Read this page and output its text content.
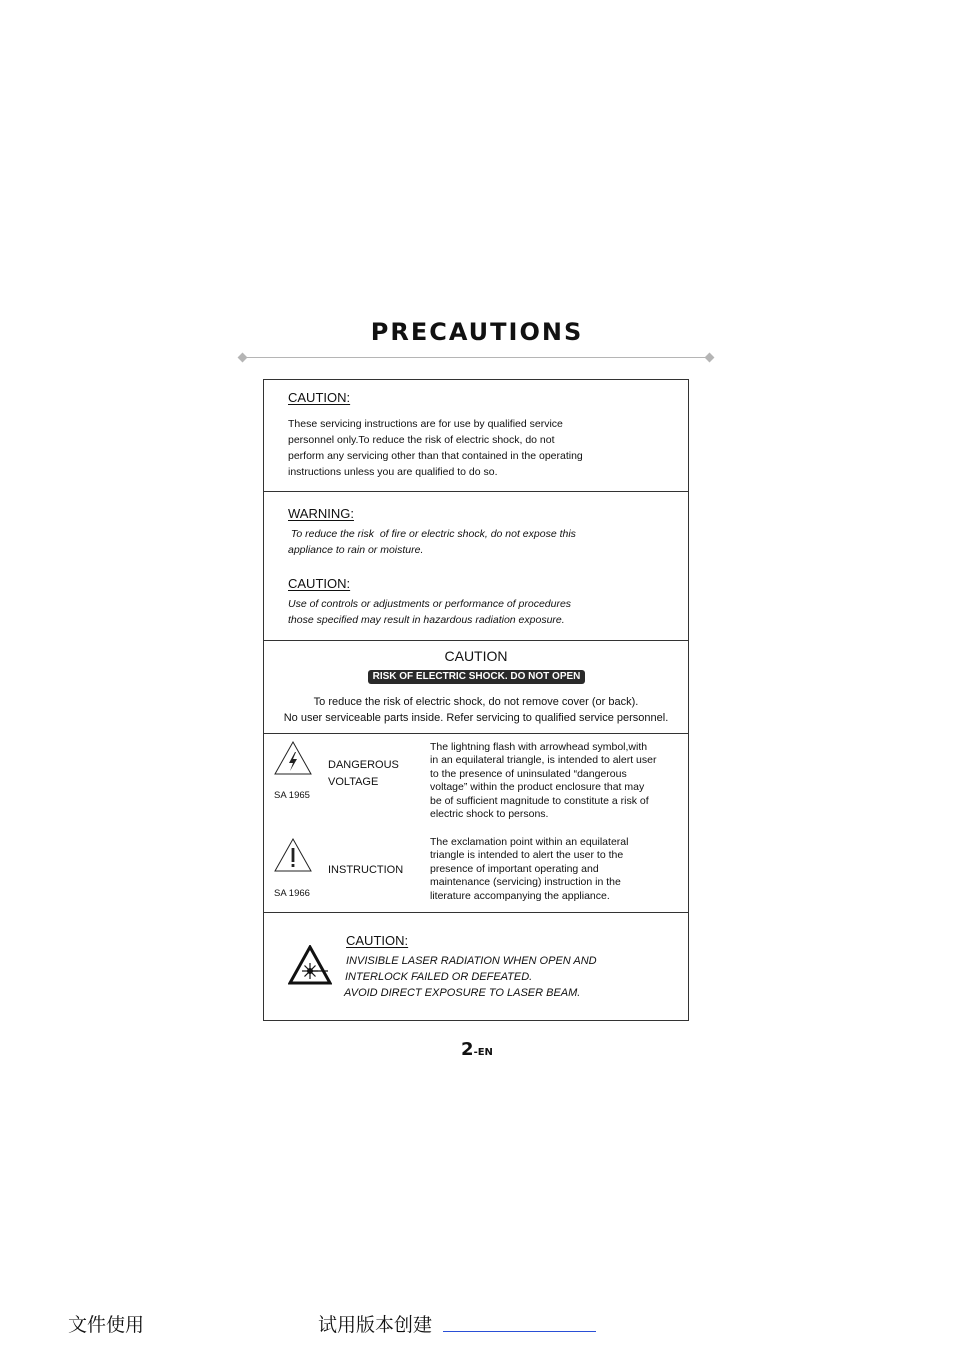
PRECAUTIONS
CAUTION:
These servicing instructions are for use by qualified service
personnel only.To reduce the risk of electric shock, do not
perform any servicing other than that contained in the operating
instructions unless you are qualified to do so.
WARNING:
To reduce the risk  of fire or electric shock, do not expose this
appliance to rain or moisture.
CAUTION:
Use of controls or adjustments or performance of procedures
those specified may result in hazardous radiation exposure.
CAUTION
RISK OF ELECTRIC SHOCK. DO NOT OPEN
To reduce the risk of electric shock, do not remove cover (or back).
No user serviceable parts inside. Refer servicing to qualified service personnel.
SA 1965
DANGEROUS
VOLTAGE
The lightning flash with arrowhead symbol,with
in an equilateral triangle, is intended to alert user
to the presence of uninsulated “dangerous
voltage” within the product enclosure that may
be of sufficient magnitude to constitute a risk of
electric shock to persons.
SA 1966
INSTRUCTION
The exclamation point within an equilateral
triangle is intended to alert the user to the
presence of important operating and
maintenance (servicing) instruction in the
literature accompanying the appliance.
CAUTION:
INVISIBLE LASER RADIATION WHEN OPEN AND
INTERLOCK FAILED OR DEFEATED.
AVOID DIRECT EXPOSURE TO LASER BEAM.
2-EN
文件使用	试用版本创建
